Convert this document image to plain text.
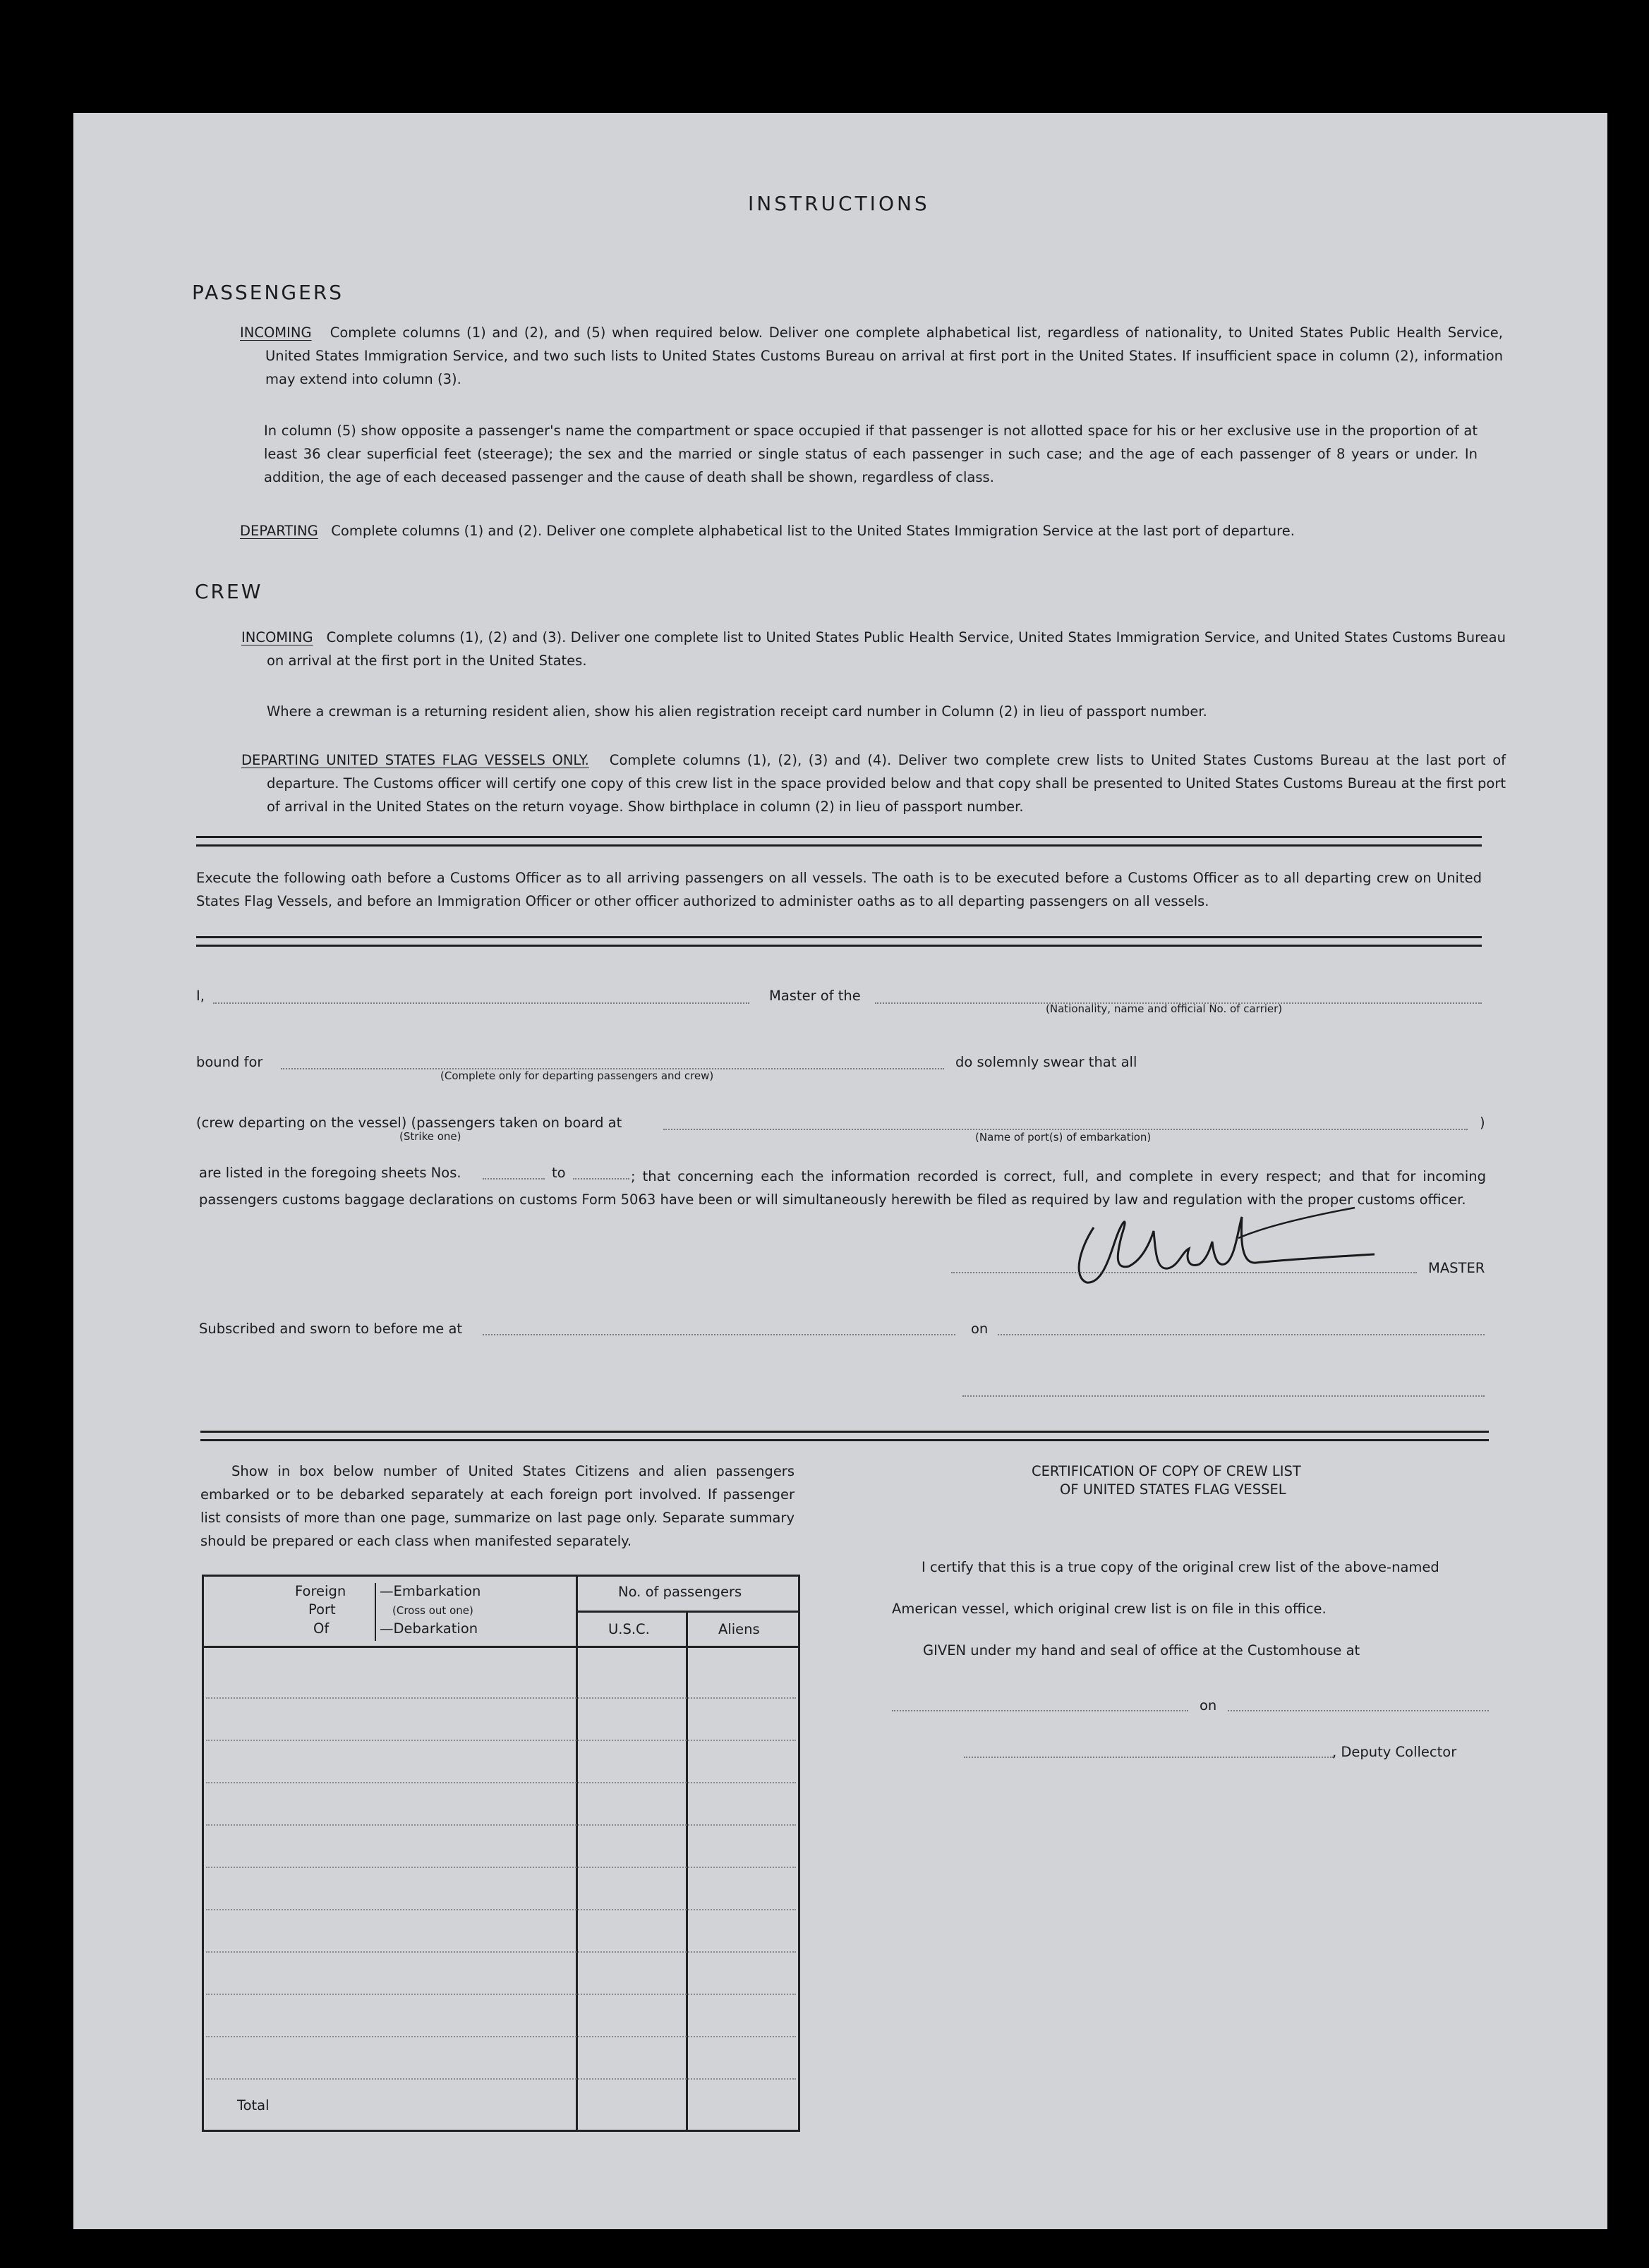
INSTRUCTIONS
PASSENGERS
INCOMING Complete columns (1) and (2), and (5) when required below. Deliver one complete alphabetical list, regardless of nationality, to United States Public Health Service, United States Immigration Service, and two such lists to United States Customs Bureau on arrival at first port in the United States. If insufficient space in column (2), information may extend into column (3).
In column (5) show opposite a passenger's name the compartment or space occupied if that passenger is not allotted space for his or her exclusive use in the proportion of at least 36 clear superficial feet (steerage); the sex and the married or single status of each passenger in such case; and the age of each passenger of 8 years or under. In addition, the age of each deceased passenger and the cause of death shall be shown, regardless of class.
DEPARTING Complete columns (1) and (2). Deliver one complete alphabetical list to the United States Immigration Service at the last port of departure.
CREW
INCOMING Complete columns (1), (2) and (3). Deliver one complete list to United States Public Health Service, United States Immigration Service, and United States Customs Bureau on arrival at the first port in the United States.
Where a crewman is a returning resident alien, show his alien registration receipt card number in Column (2) in lieu of passport number.
DEPARTING UNITED STATES FLAG VESSELS ONLY. Complete columns (1), (2), (3) and (4). Deliver two complete crew lists to United States Customs Bureau at the last port of departure. The Customs officer will certify one copy of this crew list in the space provided below and that copy shall be presented to United States Customs Bureau at the first port of arrival in the United States on the return voyage. Show birthplace in column (2) in lieu of passport number.
Execute the following oath before a Customs Officer as to all arriving passengers on all vessels. The oath is to be executed before a Customs Officer as to all departing crew on United States Flag Vessels, and before an Immigration Officer or other officer authorized to administer oaths as to all departing passengers on all vessels.
I,	Master of the
(Nationality, name and official No. of carrier)
bound for
(Complete only for departing passengers and crew)
do solemnly swear that all
(crew departing on the vessel) (passengers taken on board at
(Strike one)	(Name of port(s) of embarkation)
)
are listed in the foregoing sheets Nos.	to	; that concerning each the information recorded is correct, full, and complete in every respect; and that for incoming passengers customs baggage declarations on customs Form 5063 have been or will simultaneously herewith be filed as required by law and regulation with the proper customs officer.
MASTER
Subscribed and sworn to before me at	on
Show in box below number of United States Citizens and alien passengers embarked or to be debarked separately at each foreign port involved. If passenger list consists of more than one page, summarize on last page only. Separate summary should be prepared or each class when manifested separately.
Foreign
Port
Of
—Embarkation
(Cross out one)
—Debarkation
No. of passengers
U.S.C.	Aliens
Total
CERTIFICATION OF COPY OF CREW LIST
OF UNITED STATES FLAG VESSEL
I certify that this is a true copy of the original crew list of the above-named
American vessel, which original crew list is on file in this office.
GIVEN under my hand and seal of office at the Customhouse at
on
, Deputy Collector
